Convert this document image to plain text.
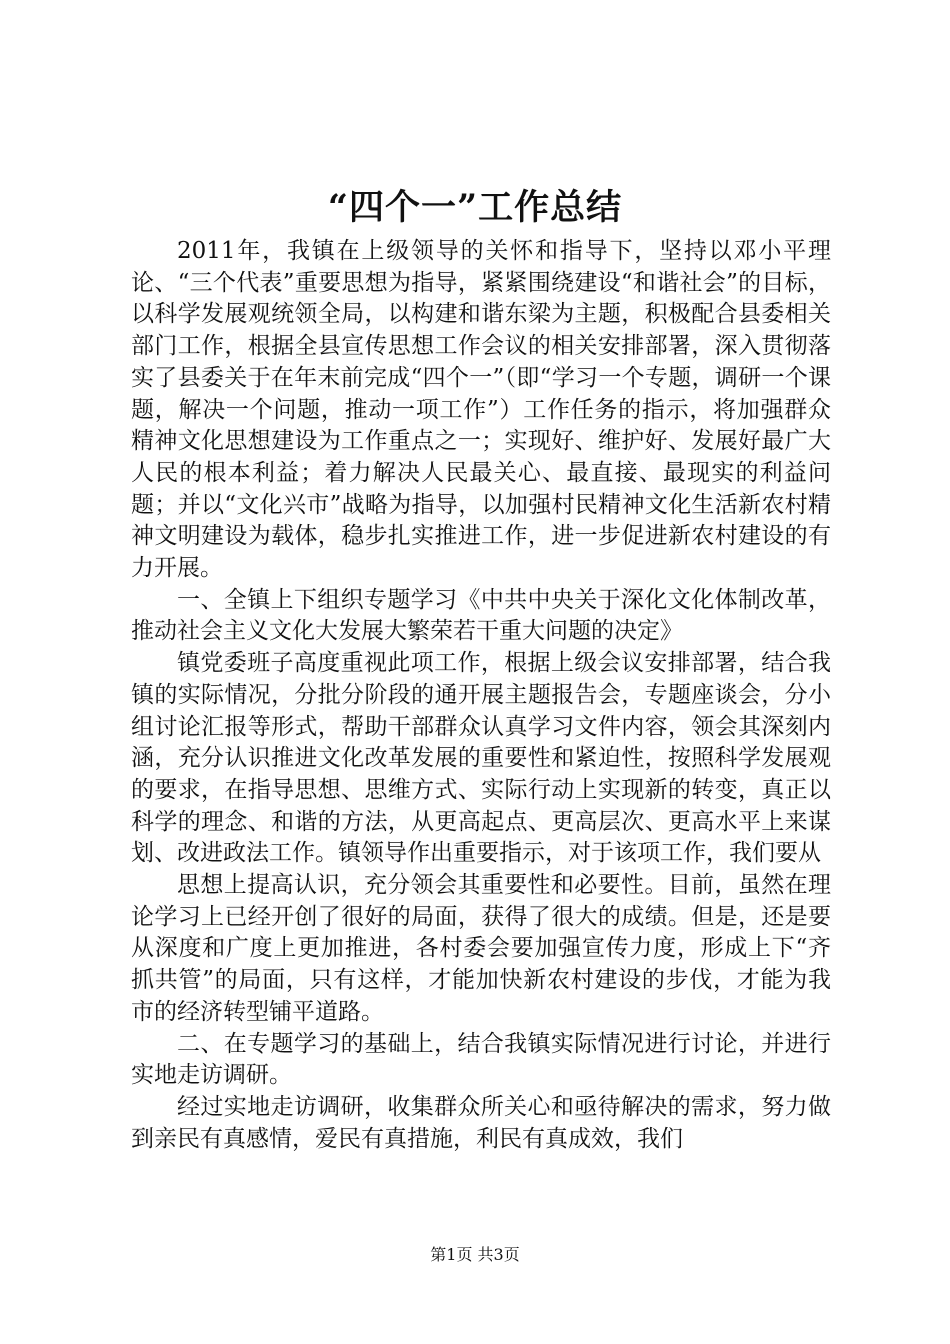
“四个一”工作总结

2011年，我镇在上级领导的关怀和指导下，坚持以邓小平理论、“三个代表”重要思想为指导，紧紧围绕建设“和谐社会”的目标，以科学发展观统领全局，以构建和谐东梁为主题，积极配合县委相关部门工作，根据全县宣传思想工作会议的相关安排部署，深入贯彻落实了县委关于在年末前完成“四个一”（即“学习一个专题，调研一个课题，解决一个问题，推动一项工作”）工作任务的指示，将加强群众精神文化思想建设为工作重点之一；实现好、维护好、发展好最广大人民的根本利益；着力解决人民最关心、最直接、最现实的利益问题；并以“文化兴市”战略为指导，以加强村民精神文化生活新农村精神文明建设为载体，稳步扎实推进工作，进一步促进新农村建设的有力开展。

一、全镇上下组织专题学习《中共中央关于深化文化体制改革，推动社会主义文化大发展大繁荣若干重大问题的决定》

镇党委班子高度重视此项工作，根据上级会议安排部署，结合我镇的实际情况，分批分阶段的通开展主题报告会，专题座谈会，分小组讨论汇报等形式，帮助干部群众认真学习文件内容，领会其深刻内涵，充分认识推进文化改革发展的重要性和紧迫性，按照科学发展观的要求，在指导思想、思维方式、实际行动上实现新的转变，真正以科学的理念、和谐的方法，从更高起点、更高层次、更高水平上来谋划、改进政法工作。镇领导作出重要指示，对于该项工作，我们要从

思想上提高认识，充分领会其重要性和必要性。目前，虽然在理论学习上已经开创了很好的局面，获得了很大的成绩。但是，还是要从深度和广度上更加推进，各村委会要加强宣传力度，形成上下“齐抓共管”的局面，只有这样，才能加快新农村建设的步伐，才能为我市的经济转型铺平道路。

二、在专题学习的基础上，结合我镇实际情况进行讨论，并进行实地走访调研。

经过实地走访调研，收集群众所关心和亟待解决的需求，努力做到亲民有真感情，爱民有真措施，利民有真成效，我们

第1页 共3页
